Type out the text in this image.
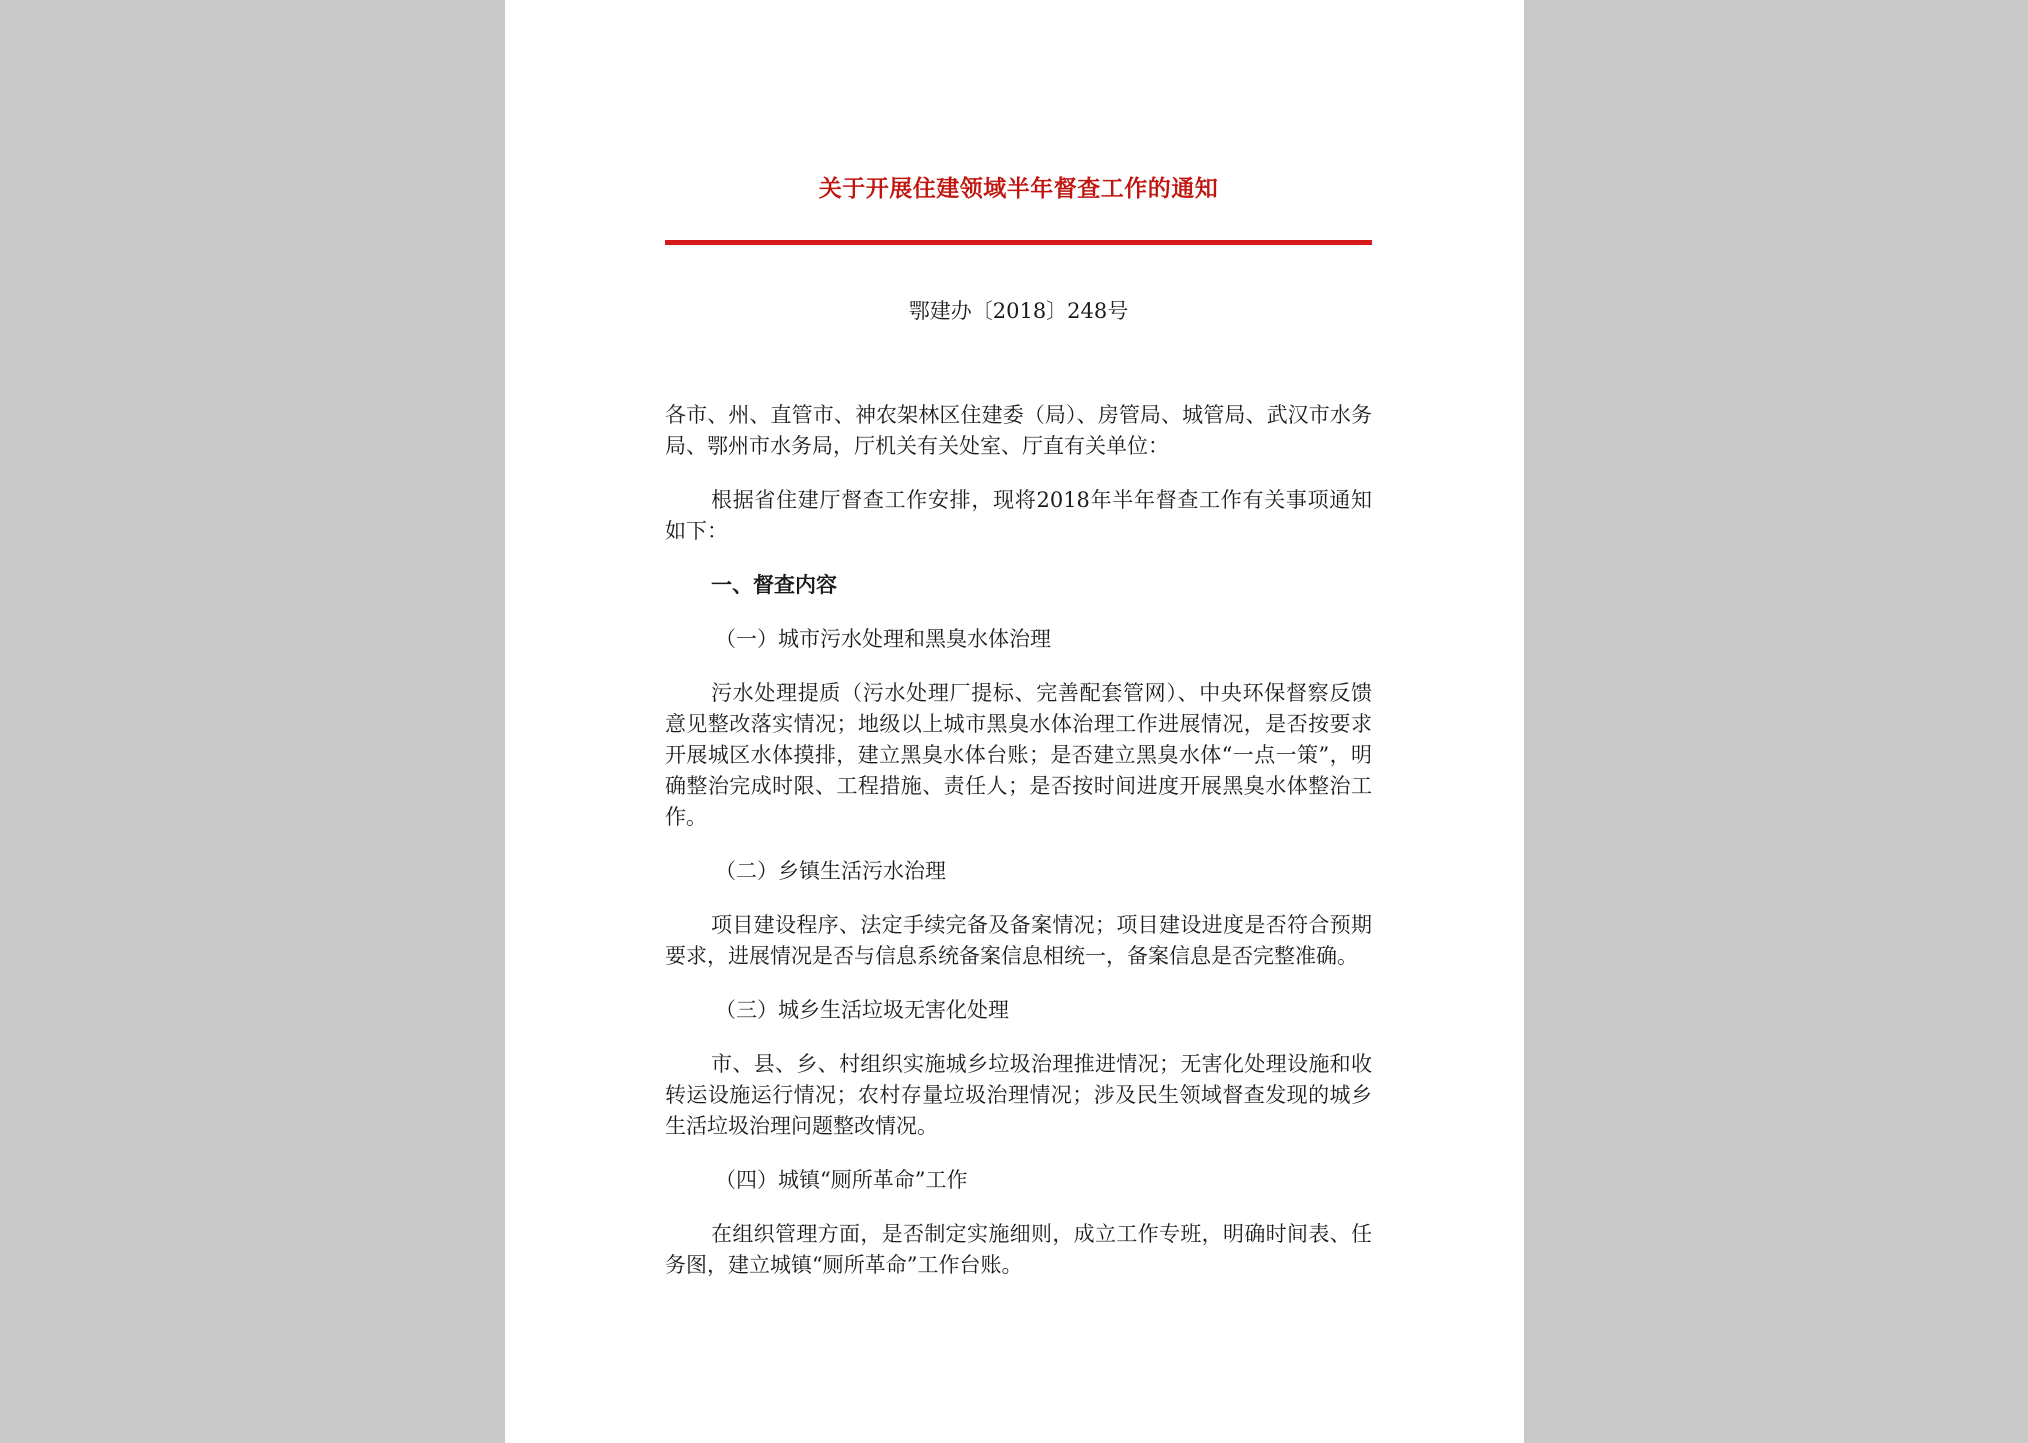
关于开展住建领域半年督查工作的通知
鄂建办〔2018〕248号

各市、州、直管市、神农架林区住建委（局）、房管局、城管局、武汉市水务局、鄂州市水务局，厅机关有关处室、厅直有关单位：

根据省住建厅督查工作安排，现将2018年半年督查工作有关事项通知如下：

一、督查内容

（一）城市污水处理和黑臭水体治理

污水处理提质（污水处理厂提标、完善配套管网）、中央环保督察反馈意见整改落实情况；地级以上城市黑臭水体治理工作进展情况，是否按要求开展城区水体摸排，建立黑臭水体台账；是否建立黑臭水体“一点一策”，明确整治完成时限、工程措施、责任人；是否按时间进度开展黑臭水体整治工作。

（二）乡镇生活污水治理

项目建设程序、法定手续完备及备案情况；项目建设进度是否符合预期要求，进展情况是否与信息系统备案信息相统一，备案信息是否完整准确。

（三）城乡生活垃圾无害化处理

市、县、乡、村组织实施城乡垃圾治理推进情况；无害化处理设施和收转运设施运行情况；农村存量垃圾治理情况；涉及民生领域督查发现的城乡生活垃圾治理问题整改情况。

（四）城镇“厕所革命”工作

在组织管理方面，是否制定实施细则，成立工作专班，明确时间表、任务图，建立城镇“厕所革命”工作台账。
